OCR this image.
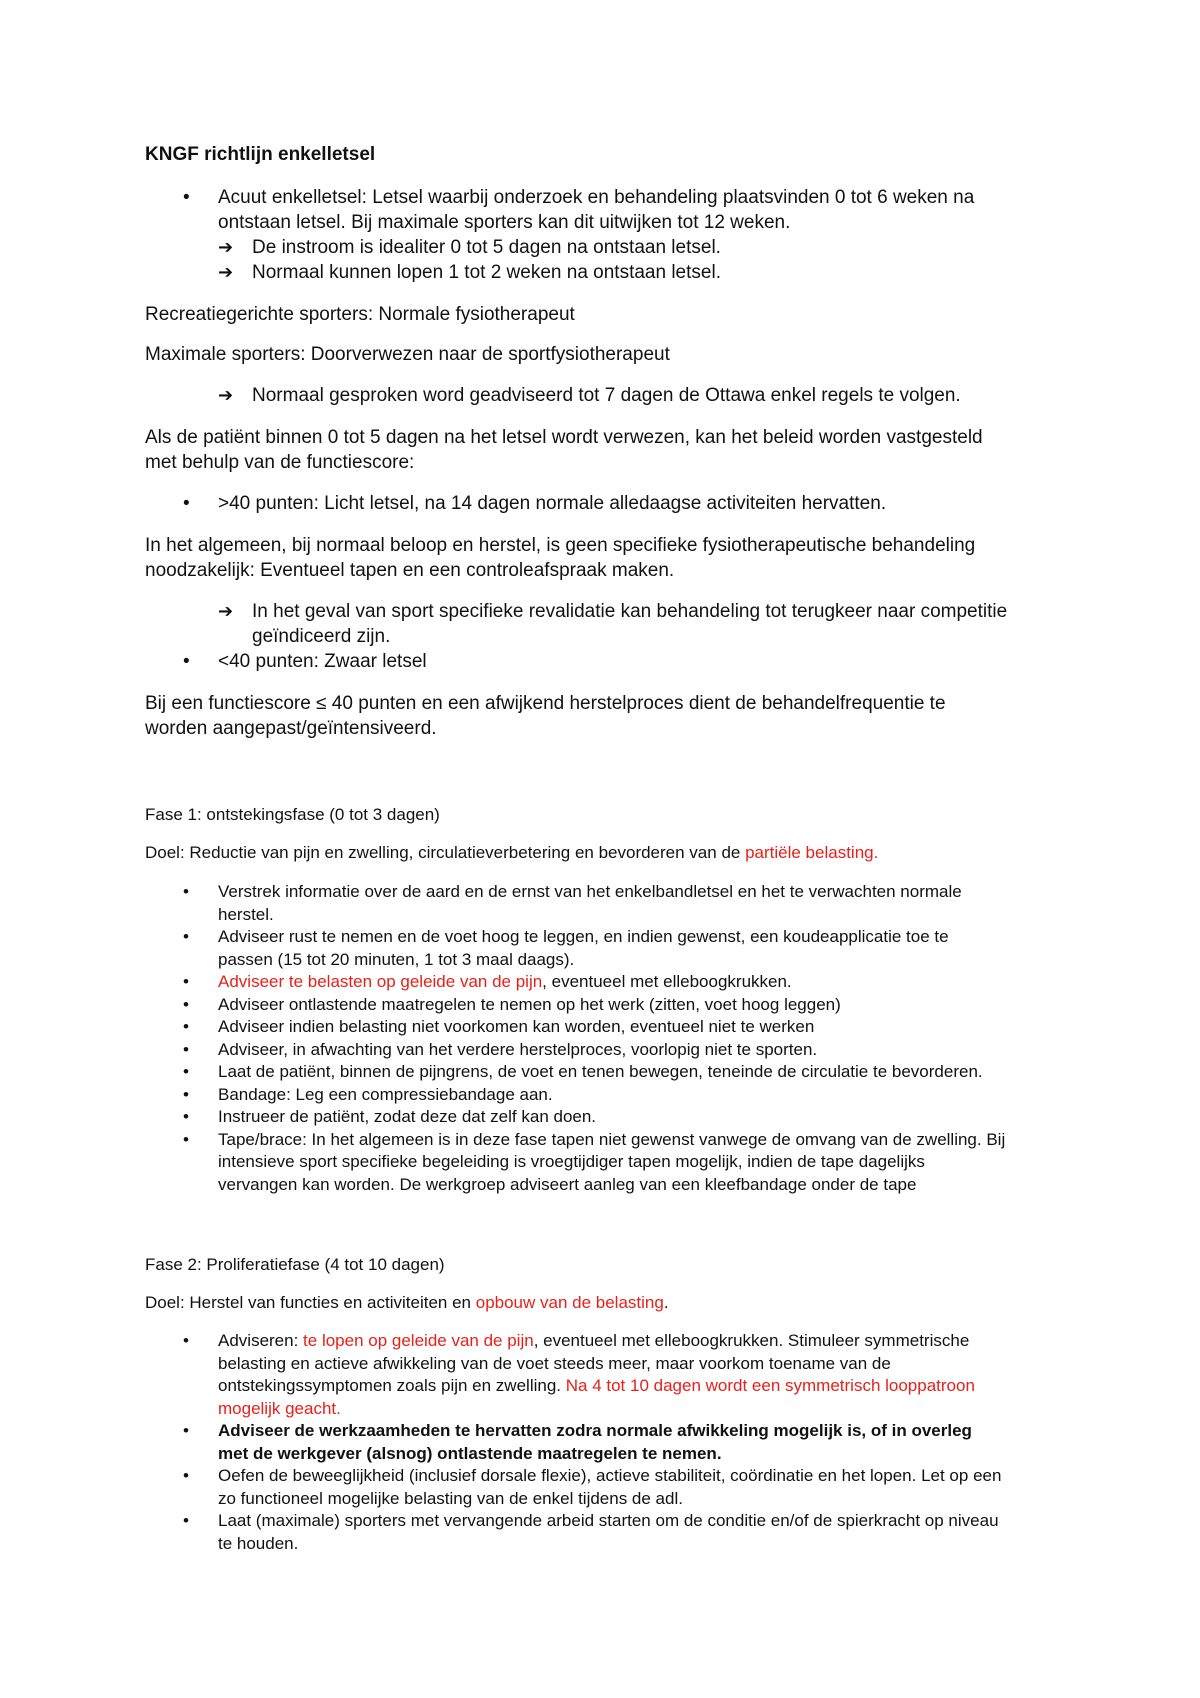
KNGF richtlijn enkelletsel
• Acuut enkelletsel: Letsel waarbij onderzoek en behandeling plaatsvinden 0 tot 6 weken na
ontstaan letsel. Bij maximale sporters kan dit uitwijken tot 12 weken.
➔ De instroom is idealiter 0 tot 5 dagen na ontstaan letsel.
➔ Normaal kunnen lopen 1 tot 2 weken na ontstaan letsel.
Recreatiegerichte sporters: Normale fysiotherapeut
Maximale sporters: Doorverwezen naar de sportfysiotherapeut
➔ Normaal gesproken word geadviseerd tot 7 dagen de Ottawa enkel regels te volgen.
Als de patiënt binnen 0 tot 5 dagen na het letsel wordt verwezen, kan het beleid worden vastgesteld
met behulp van de functiescore:
• >40 punten: Licht letsel, na 14 dagen normale alledaagse activiteiten hervatten.
In het algemeen, bij normaal beloop en herstel, is geen specifieke fysiotherapeutische behandeling
noodzakelijk: Eventueel tapen en een controleafspraak maken.
➔ In het geval van sport specifieke revalidatie kan behandeling tot terugkeer naar competitie
geïndiceerd zijn.
• <40 punten: Zwaar letsel
Bij een functiescore ≤ 40 punten en een afwijkend herstelproces dient de behandelfrequentie te
worden aangepast/geïntensiveerd.
Fase 1: ontstekingsfase (0 tot 3 dagen)
Doel: Reductie van pijn en zwelling, circulatieverbetering en bevorderen van de partiële belasting.
• Verstrek informatie over de aard en de ernst van het enkelbandletsel en het te verwachten normale
herstel.
• Adviseer rust te nemen en de voet hoog te leggen, en indien gewenst, een koudeapplicatie toe te
passen (15 tot 20 minuten, 1 tot 3 maal daags).
• Adviseer te belasten op geleide van de pijn, eventueel met elleboogkrukken.
• Adviseer ontlastende maatregelen te nemen op het werk (zitten, voet hoog leggen)
• Adviseer indien belasting niet voorkomen kan worden, eventueel niet te werken
• Adviseer, in afwachting van het verdere herstelproces, voorlopig niet te sporten.
• Laat de patiënt, binnen de pijngrens, de voet en tenen bewegen, teneinde de circulatie te bevorderen.
• Bandage: Leg een compressiebandage aan.
• Instrueer de patiënt, zodat deze dat zelf kan doen.
• Tape/brace: In het algemeen is in deze fase tapen niet gewenst vanwege de omvang van de zwelling. Bij
intensieve sport specifieke begeleiding is vroegtijdiger tapen mogelijk, indien de tape dagelijks
vervangen kan worden. De werkgroep adviseert aanleg van een kleefbandage onder de tape
Fase 2: Proliferatiefase (4 tot 10 dagen)
Doel: Herstel van functies en activiteiten en opbouw van de belasting.
• Adviseren: te lopen op geleide van de pijn, eventueel met elleboogkrukken. Stimuleer symmetrische
belasting en actieve afwikkeling van de voet steeds meer, maar voorkom toename van de
ontstekingssymptomen zoals pijn en zwelling. Na 4 tot 10 dagen wordt een symmetrisch looppatroon
mogelijk geacht.
• Adviseer de werkzaamheden te hervatten zodra normale afwikkeling mogelijk is, of in overleg
met de werkgever (alsnog) ontlastende maatregelen te nemen.
• Oefen de beweeglijkheid (inclusief dorsale flexie), actieve stabiliteit, coördinatie en het lopen. Let op een
zo functioneel mogelijke belasting van de enkel tijdens de adl.
• Laat (maximale) sporters met vervangende arbeid starten om de conditie en/of de spierkracht op niveau
te houden.
